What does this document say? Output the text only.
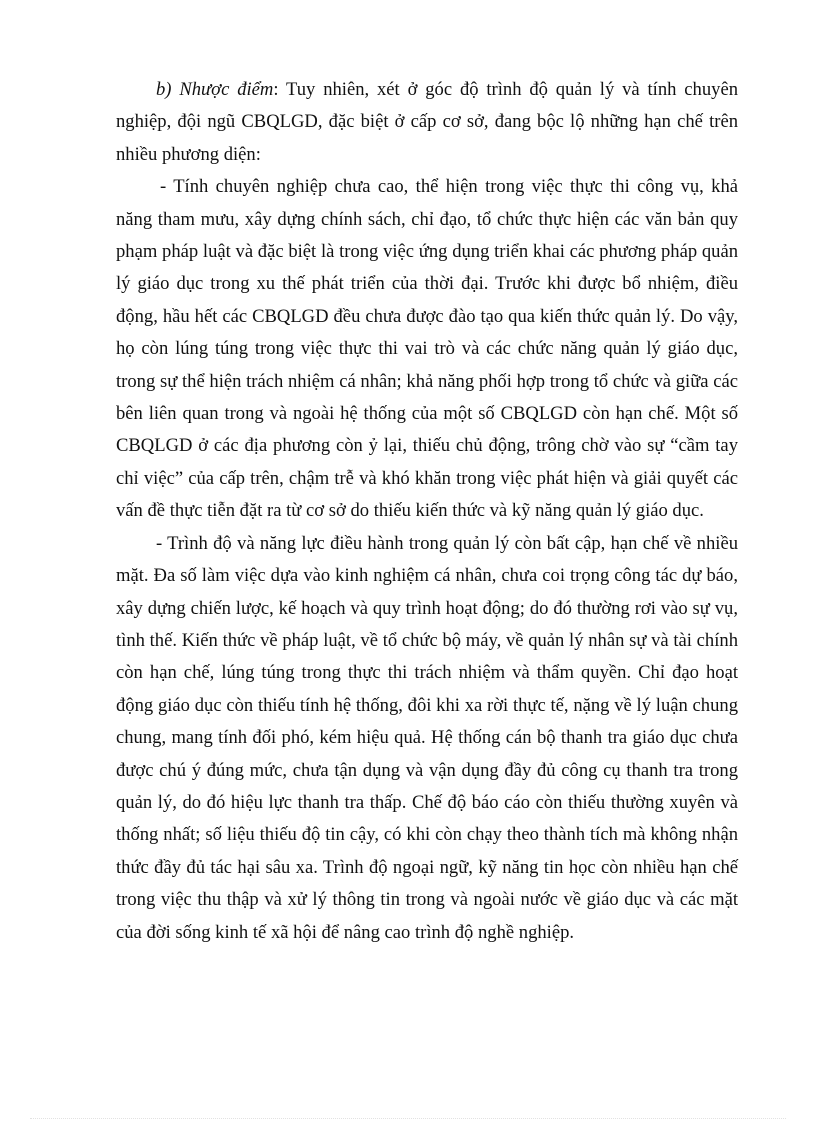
b) Nhược điểm: Tuy nhiên, xét ở góc độ trình độ quản lý và tính chuyên nghiệp, đội ngũ CBQLGD, đặc biệt ở cấp cơ sở, đang bộc lộ những hạn chế trên nhiều phương diện:

- Tính chuyên nghiệp chưa cao, thể hiện trong việc thực thi công vụ, khả năng tham mưu, xây dựng chính sách, chỉ đạo, tổ chức thực hiện các văn bản quy phạm pháp luật và đặc biệt là trong việc ứng dụng triển khai các phương pháp quản lý giáo dục trong xu thế phát triển của thời đại. Trước khi được bổ nhiệm, điều động, hầu hết các CBQLGD đều chưa được đào tạo qua kiến thức quản lý. Do vậy, họ còn lúng túng trong việc thực thi vai trò và các chức năng quản lý giáo dục, trong sự thể hiện trách nhiệm cá nhân; khả năng phối hợp trong tổ chức và giữa các bên liên quan trong và ngoài hệ thống của một số CBQLGD còn hạn chế. Một số CBQLGD ở các địa phương còn ỷ lại, thiếu chủ động, trông chờ vào sự “cầm tay chỉ việc” của cấp trên, chậm trễ và khó khăn trong việc phát hiện và giải quyết các vấn đề thực tiễn đặt ra từ cơ sở do thiếu kiến thức và kỹ năng quản lý giáo dục.

- Trình độ và năng lực điều hành trong quản lý còn bất cập, hạn chế về nhiều mặt. Đa số làm việc dựa vào kinh nghiệm cá nhân, chưa coi trọng công tác dự báo, xây dựng chiến lược, kế hoạch và quy trình hoạt động; do đó thường rơi vào sự vụ, tình thế. Kiến thức về pháp luật, về tổ chức bộ máy, về quản lý nhân sự và tài chính còn hạn chế, lúng túng trong thực thi trách nhiệm và thẩm quyền. Chỉ đạo hoạt động giáo dục còn thiếu tính hệ thống, đôi khi xa rời thực tế, nặng về lý luận chung chung, mang tính đối phó, kém hiệu quả. Hệ thống cán bộ thanh tra giáo dục chưa được chú ý đúng mức, chưa tận dụng và vận dụng đầy đủ công cụ thanh tra trong quản lý, do đó hiệu lực thanh tra thấp. Chế độ báo cáo còn thiếu thường xuyên và thống nhất; số liệu thiếu độ tin cậy, có khi còn chạy theo thành tích mà không nhận thức đầy đủ tác hại sâu xa. Trình độ ngoại ngữ, kỹ năng tin học còn nhiều hạn chế trong việc thu thập và xử lý thông tin trong và ngoài nước về giáo dục và các mặt của đời sống kinh tế xã hội để nâng cao trình độ nghề nghiệp.
